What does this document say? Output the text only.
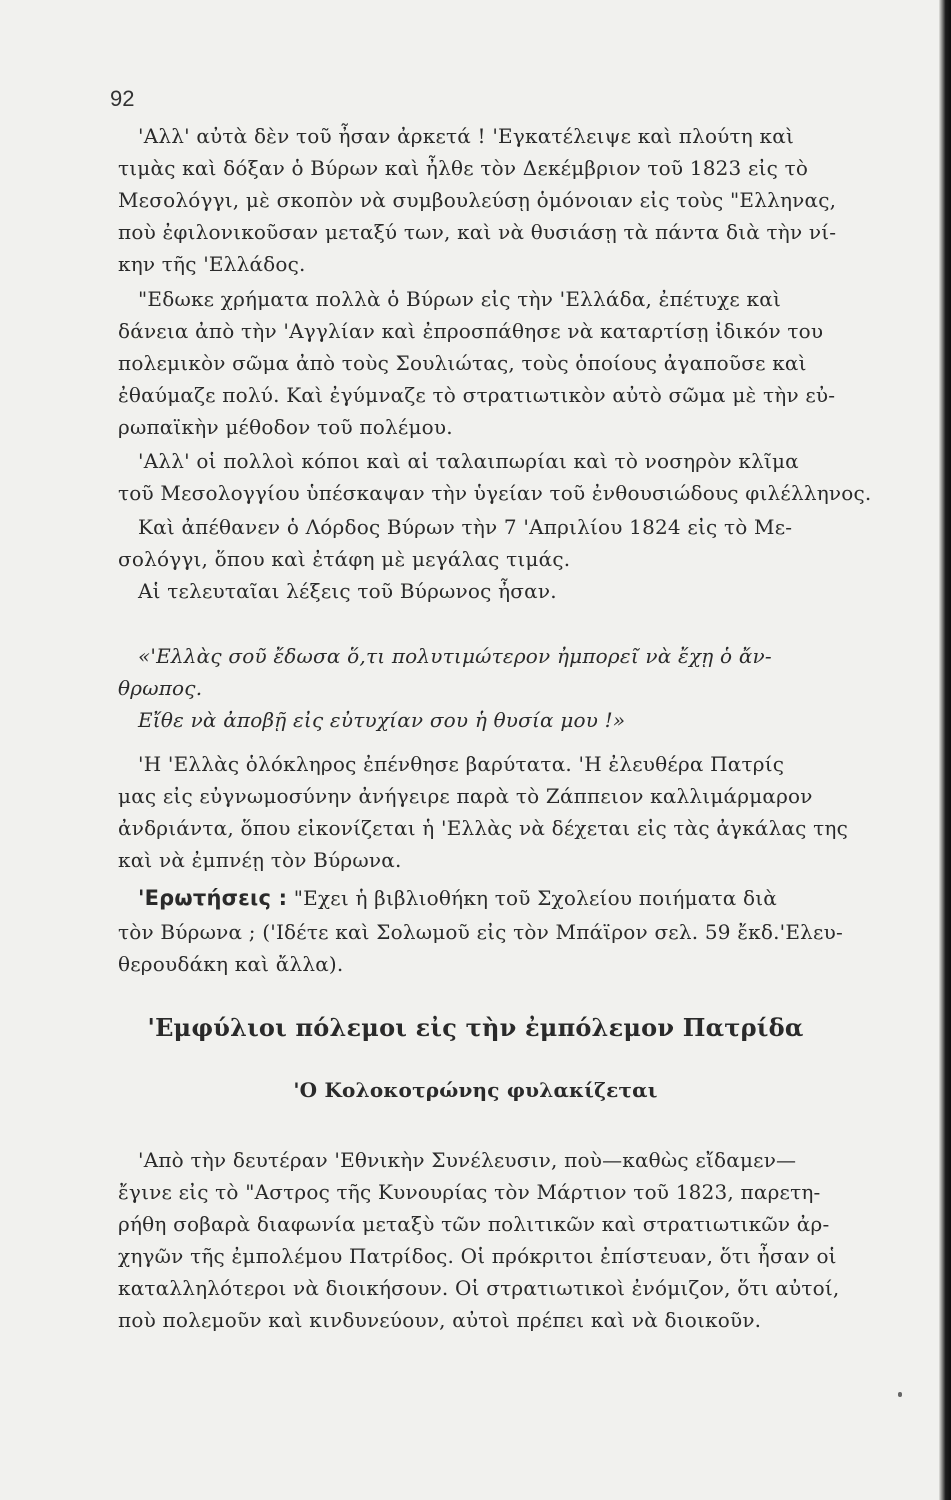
92
'Αλλ' αὐτὰ δὲν τοῦ ἦσαν ἀρκετά ! 'Εγκατέλειψε καὶ πλούτη καὶ
τιμὰς καὶ δόξαν ὁ Βύρων καὶ ἦλθε τὸν Δεκέμβριον τοῦ 1823 εἰς τὸ
Μεσολόγγι, μὲ σκοπὸν νὰ συμβουλεύσῃ ὁμόνοιαν εἰς τοὺς "Ελληνας,
ποὺ ἐφιλονικοῦσαν μεταξύ των, καὶ νὰ θυσιάσῃ τὰ πάντα διὰ τὴν νί-
κην τῆς 'Ελλάδος.
"Εδωκε χρήματα πολλὰ ὁ Βύρων εἰς τὴν 'Ελλάδα, ἐπέτυχε καὶ
δάνεια ἀπὸ τὴν 'Αγγλίαν καὶ ἐπροσπάθησε νὰ καταρτίσῃ ἰδικόν του
πολεμικὸν σῶμα ἀπὸ τοὺς Σουλιώτας, τοὺς ὁποίους ἀγαποῦσε καὶ
ἐθαύμαζε πολύ. Καὶ ἐγύμναζε τὸ στρατιωτικὸν αὐτὸ σῶμα μὲ τὴν εὐ-
ρωπαϊκὴν μέθοδον τοῦ πολέμου.
'Αλλ' οἱ πολλοὶ κόποι καὶ αἱ ταλαιπωρίαι καὶ τὸ νοσηρὸν κλῖμα
τοῦ Μεσολογγίου ὑπέσκαψαν τὴν ὑγείαν τοῦ ἐνθουσιώδους φιλέλληνος.
Καὶ ἀπέθανεν ὁ Λόρδος Βύρων τὴν 7 'Απριλίου 1824 εἰς τὸ Με-
σολόγγι, ὅπου καὶ ἐτάφη μὲ μεγάλας τιμάς.
Αἱ τελευταῖαι λέξεις τοῦ Βύρωνος ἦσαν.
«'Ελλὰς σοῦ ἔδωσα ὅ,τι πολυτιμώτερον ἠμπορεῖ νὰ ἔχῃ ὁ ἄν-
θρωπος.
Εἴθε νὰ ἀποβῇ εἰς εὐτυχίαν σου ἡ θυσία μου !»
'Η 'Ελλὰς ὁλόκληρος ἐπένθησε βαρύτατα. 'Η ἐλευθέρα Πατρίς
μας εἰς εὐγνωμοσύνην ἀνήγειρε παρὰ τὸ Ζάππειον καλλιμάρμαρον
ἀνδριάντα, ὅπου εἰκονίζεται ἡ 'Ελλὰς νὰ δέχεται εἰς τὰς ἀγκάλας της
καὶ νὰ ἐμπνέῃ τὸν Βύρωνα.
'Ερωτήσεις : "Εχει ἡ βιβλιοθήκη τοῦ Σχολείου ποιήματα διὰ
τὸν Βύρωνα ; ('Ιδέτε καὶ Σολωμοῦ εἰς τὸν Μπάϊρον σελ. 59 ἔκδ.'Ελευ-
θερουδάκη καὶ ἄλλα).
'Εμφύλιοι πόλεμοι εἰς τὴν ἐμπόλεμον Πατρίδα
'Ο Κολοκοτρώνης φυλακίζεται
'Απὸ τὴν δευτέραν 'Εθνικὴν Συνέλευσιν, ποὺ—καθὼς εἴδαμεν—
ἔγινε εἰς τὸ "Αστρος τῆς Κυνουρίας τὸν Μάρτιον τοῦ 1823, παρετη-
ρήθη σοβαρὰ διαφωνία μεταξὺ τῶν πολιτικῶν καὶ στρατιωτικῶν ἀρ-
χηγῶν τῆς ἐμπολέμου Πατρίδος. Οἱ πρόκριτοι ἐπίστευαν, ὅτι ἦσαν οἱ
καταλληλότεροι νὰ διοικήσουν. Οἱ στρατιωτικοὶ ἐνόμιζον, ὅτι αὐτοί,
ποὺ πολεμοῦν καὶ κινδυνεύουν, αὐτοὶ πρέπει καὶ νὰ διοικοῦν.
